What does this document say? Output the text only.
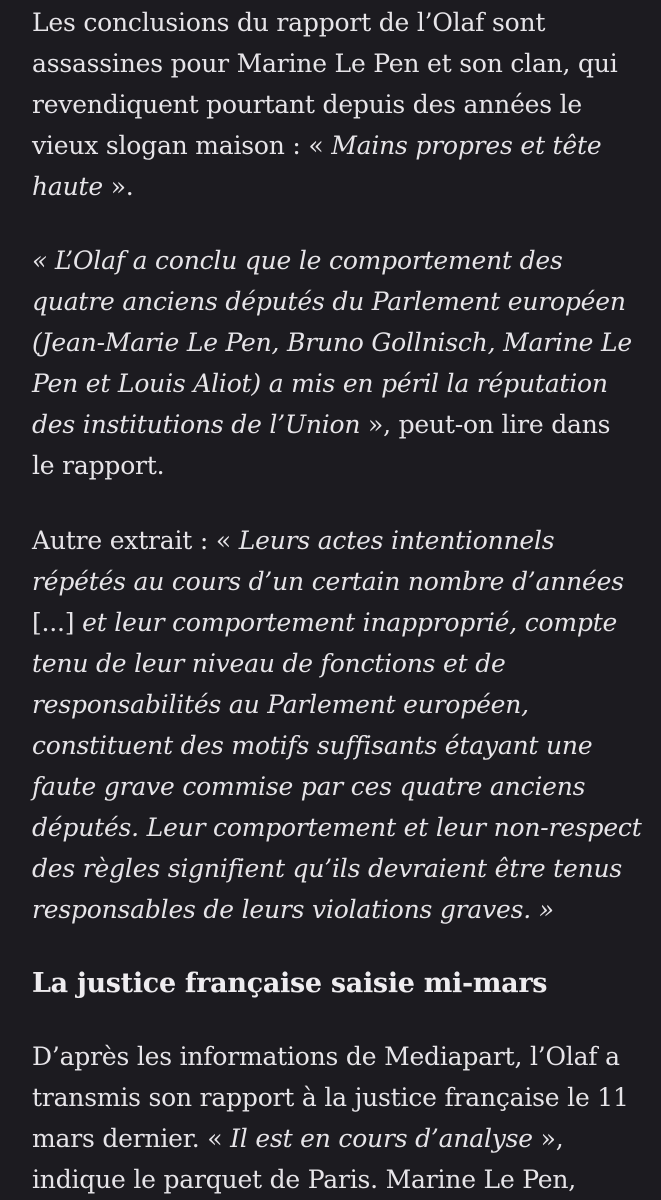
Les conclusions du rapport de l’Olaf sont
assassines pour Marine Le Pen et son clan, qui
revendiquent pourtant depuis des années le
vieux slogan maison : « Mains propres et tête
haute ».

« L’Olaf a conclu que le comportement des
quatre anciens députés du Parlement européen
(Jean-Marie Le Pen, Bruno Gollnisch, Marine Le
Pen et Louis Aliot) a mis en péril la réputation
des institutions de l’Union », peut-on lire dans
le rapport.

Autre extrait : « Leurs actes intentionnels
répétés au cours d’un certain nombre d’années
[...] et leur comportement inapproprié, compte
tenu de leur niveau de fonctions et de
responsabilités au Parlement européen,
constituent des motifs suffisants étayant une
faute grave commise par ces quatre anciens
députés. Leur comportement et leur non-respect
des règles signifient qu’ils devraient être tenus
responsables de leurs violations graves. »

La justice française saisie mi-mars

D’après les informations de Mediapart, l’Olaf a
transmis son rapport à la justice française le 11
mars dernier. « Il est en cours d’analyse »,
indique le parquet de Paris. Marine Le Pen,
